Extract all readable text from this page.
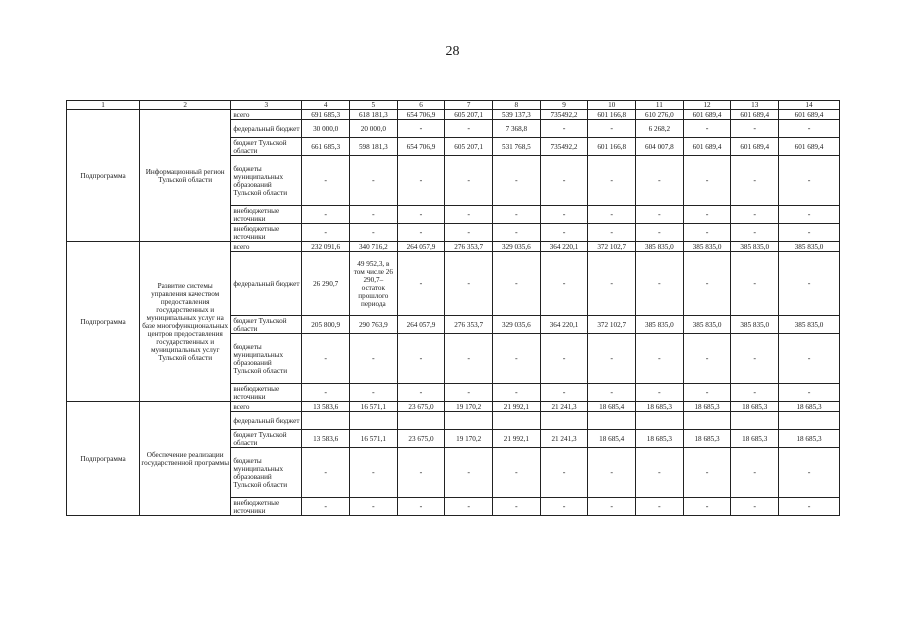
28
1	2	3	4	5	6	7	8	9	10	11	12	13	14
Подпрограмма	Информационный регион Тульской области	всего	691 685,3	618 181,3	654 706,9	605 207,1	539 137,3	735492,2	601 166,8	610 276,0	601 689,4	601 689,4	601 689,4
		федеральный бюджет	30 000,0	20 000,0	-	-	7 368,8	-	-	6 268,2	-	-	-
		бюджет Тульской области	661 685,3	598 181,3	654 706,9	605 207,1	531 768,5	735492,2	601 166,8	604 007,8	601 689,4	601 689,4	601 689,4
		бюджеты муниципальных образований Тульской области	-	-	-	-	-	-	-	-	-	-	-
		внебюджетные источники	-	-	-	-	-	-	-	-	-	-	-
		внебюджетные источники	-	-	-	-	-	-	-	-	-	-	-
Подпрограмма	Развитие системы управления качеством предоставления государственных и муниципальных услуг на базе многофункциональных центров предоставления государственных и муниципальных услуг Тульской области	всего	232 091,6	340 716,2	264 057,9	276 353,7	329 035,6	364 220,1	372 102,7	385 835,0	385 835,0	385 835,0	385 835,0
		федеральный бюджет	26 290,7	49 952,3, в том числе 26 290,7– остаток прошлого периода	-	-	-	-	-	-	-	-	-
		бюджет Тульской области	205 800,9	290 763,9	264 057,9	276 353,7	329 035,6	364 220,1	372 102,7	385 835,0	385 835,0	385 835,0	385 835,0
		бюджеты муниципальных образований Тульской области	-	-	-	-	-	-	-	-	-	-	-
		внебюджетные источники	-	-	-	-	-	-	-	-	-	-	-
Подпрограмма	Обеспечение реализации государственной программы	всего	13 583,6	16 571,1	23 675,0	19 170,2	21 992,1	21 241,3	18 685,4	18 685,3	18 685,3	18 685,3	18 685,3
		федеральный бюджет											
		бюджет Тульской области	13 583,6	16 571,1	23 675,0	19 170,2	21 992,1	21 241,3	18 685,4	18 685,3	18 685,3	18 685,3	18 685,3
		бюджеты муниципальных образований Тульской области	-	-	-	-	-	-	-	-	-	-	-
		внебюджетные источники	-	-	-	-	-	-	-	-	-	-	-
